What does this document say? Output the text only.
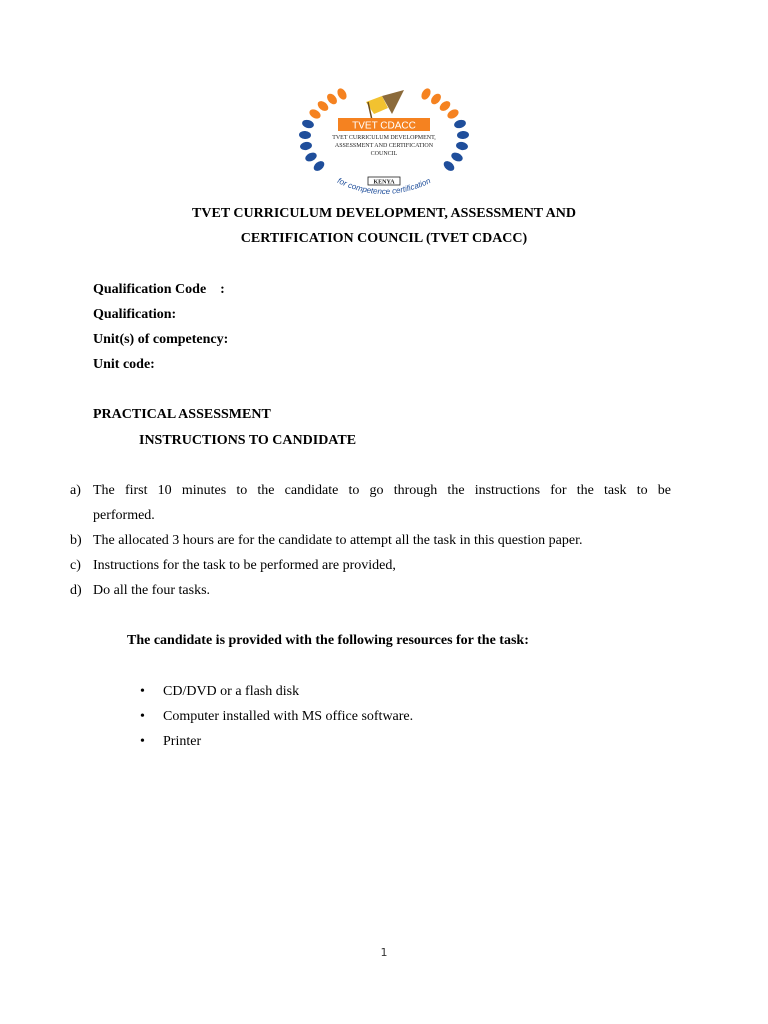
TVET CDACC
TVET CURRICULUM DEVELOPMENT,
ASSESSMENT AND CERTIFICATION
COUNCIL
KENYA
for competence certification
TVET CURRICULUM DEVELOPMENT, ASSESSMENT AND
CERTIFICATION COUNCIL (TVET CDACC)
Qualification Code    :
Qualification:
Unit(s) of competency:
Unit code:
PRACTICAL ASSESSMENT
INSTRUCTIONS TO CANDIDATE
a) The first 10 minutes to the candidate to go through the instructions for the task to be
performed.
b) The allocated 3 hours are for the candidate to attempt all the task in this question paper.
c) Instructions for the task to be performed are provided,
d) Do all the four tasks.
The candidate is provided with the following resources for the task:
• CD/DVD or a flash disk
• Computer installed with MS office software.
• Printer
1
